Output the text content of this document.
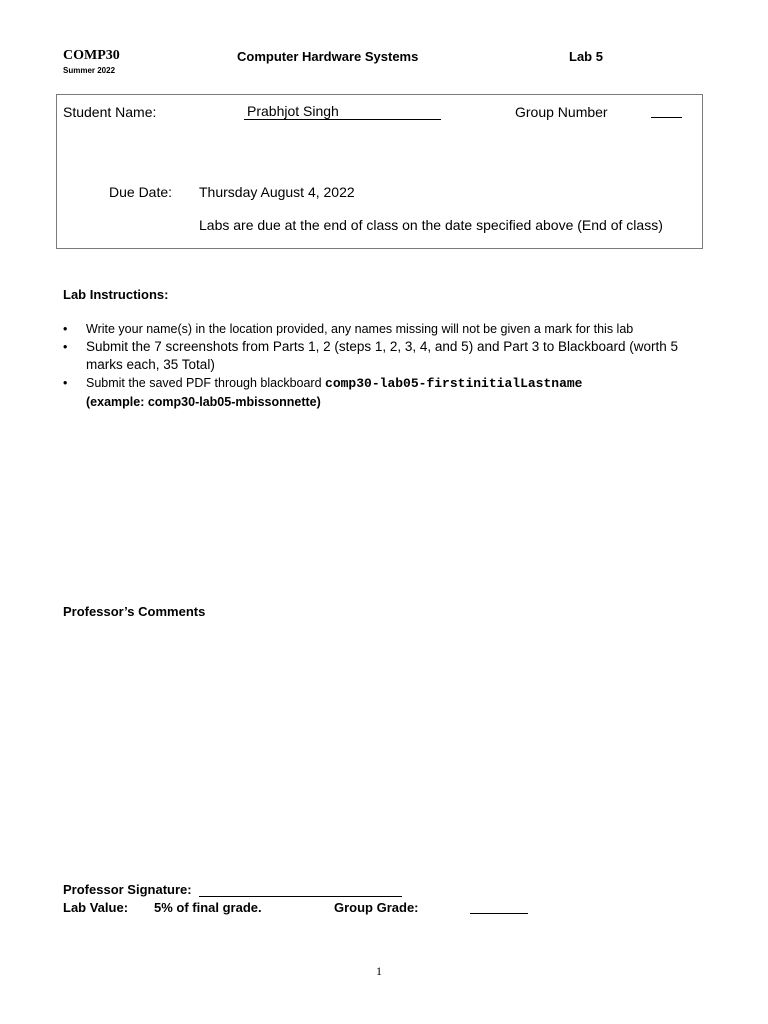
COMP30
Summer 2022
Computer Hardware Systems	Lab 5
Student Name:	Prabhjot Singh	Group Number
Due Date: Thursday August 4, 2022
Labs are due at the end of class on the date specified above (End of class)
Lab Instructions:
• Write your name(s) in the location provided, any names missing will not be given a mark for this lab
• Submit the 7 screenshots from Parts 1, 2 (steps 1, 2, 3, 4, and 5) and Part 3 to Blackboard (worth 5 marks each, 35 Total)
• Submit the saved PDF through blackboard comp30-lab05-firstinitialLastname
(example: comp30-lab05-mbissonnette)
Professor’s Comments
Professor Signature:
Lab Value: 5% of final grade.	Group Grade:
1
